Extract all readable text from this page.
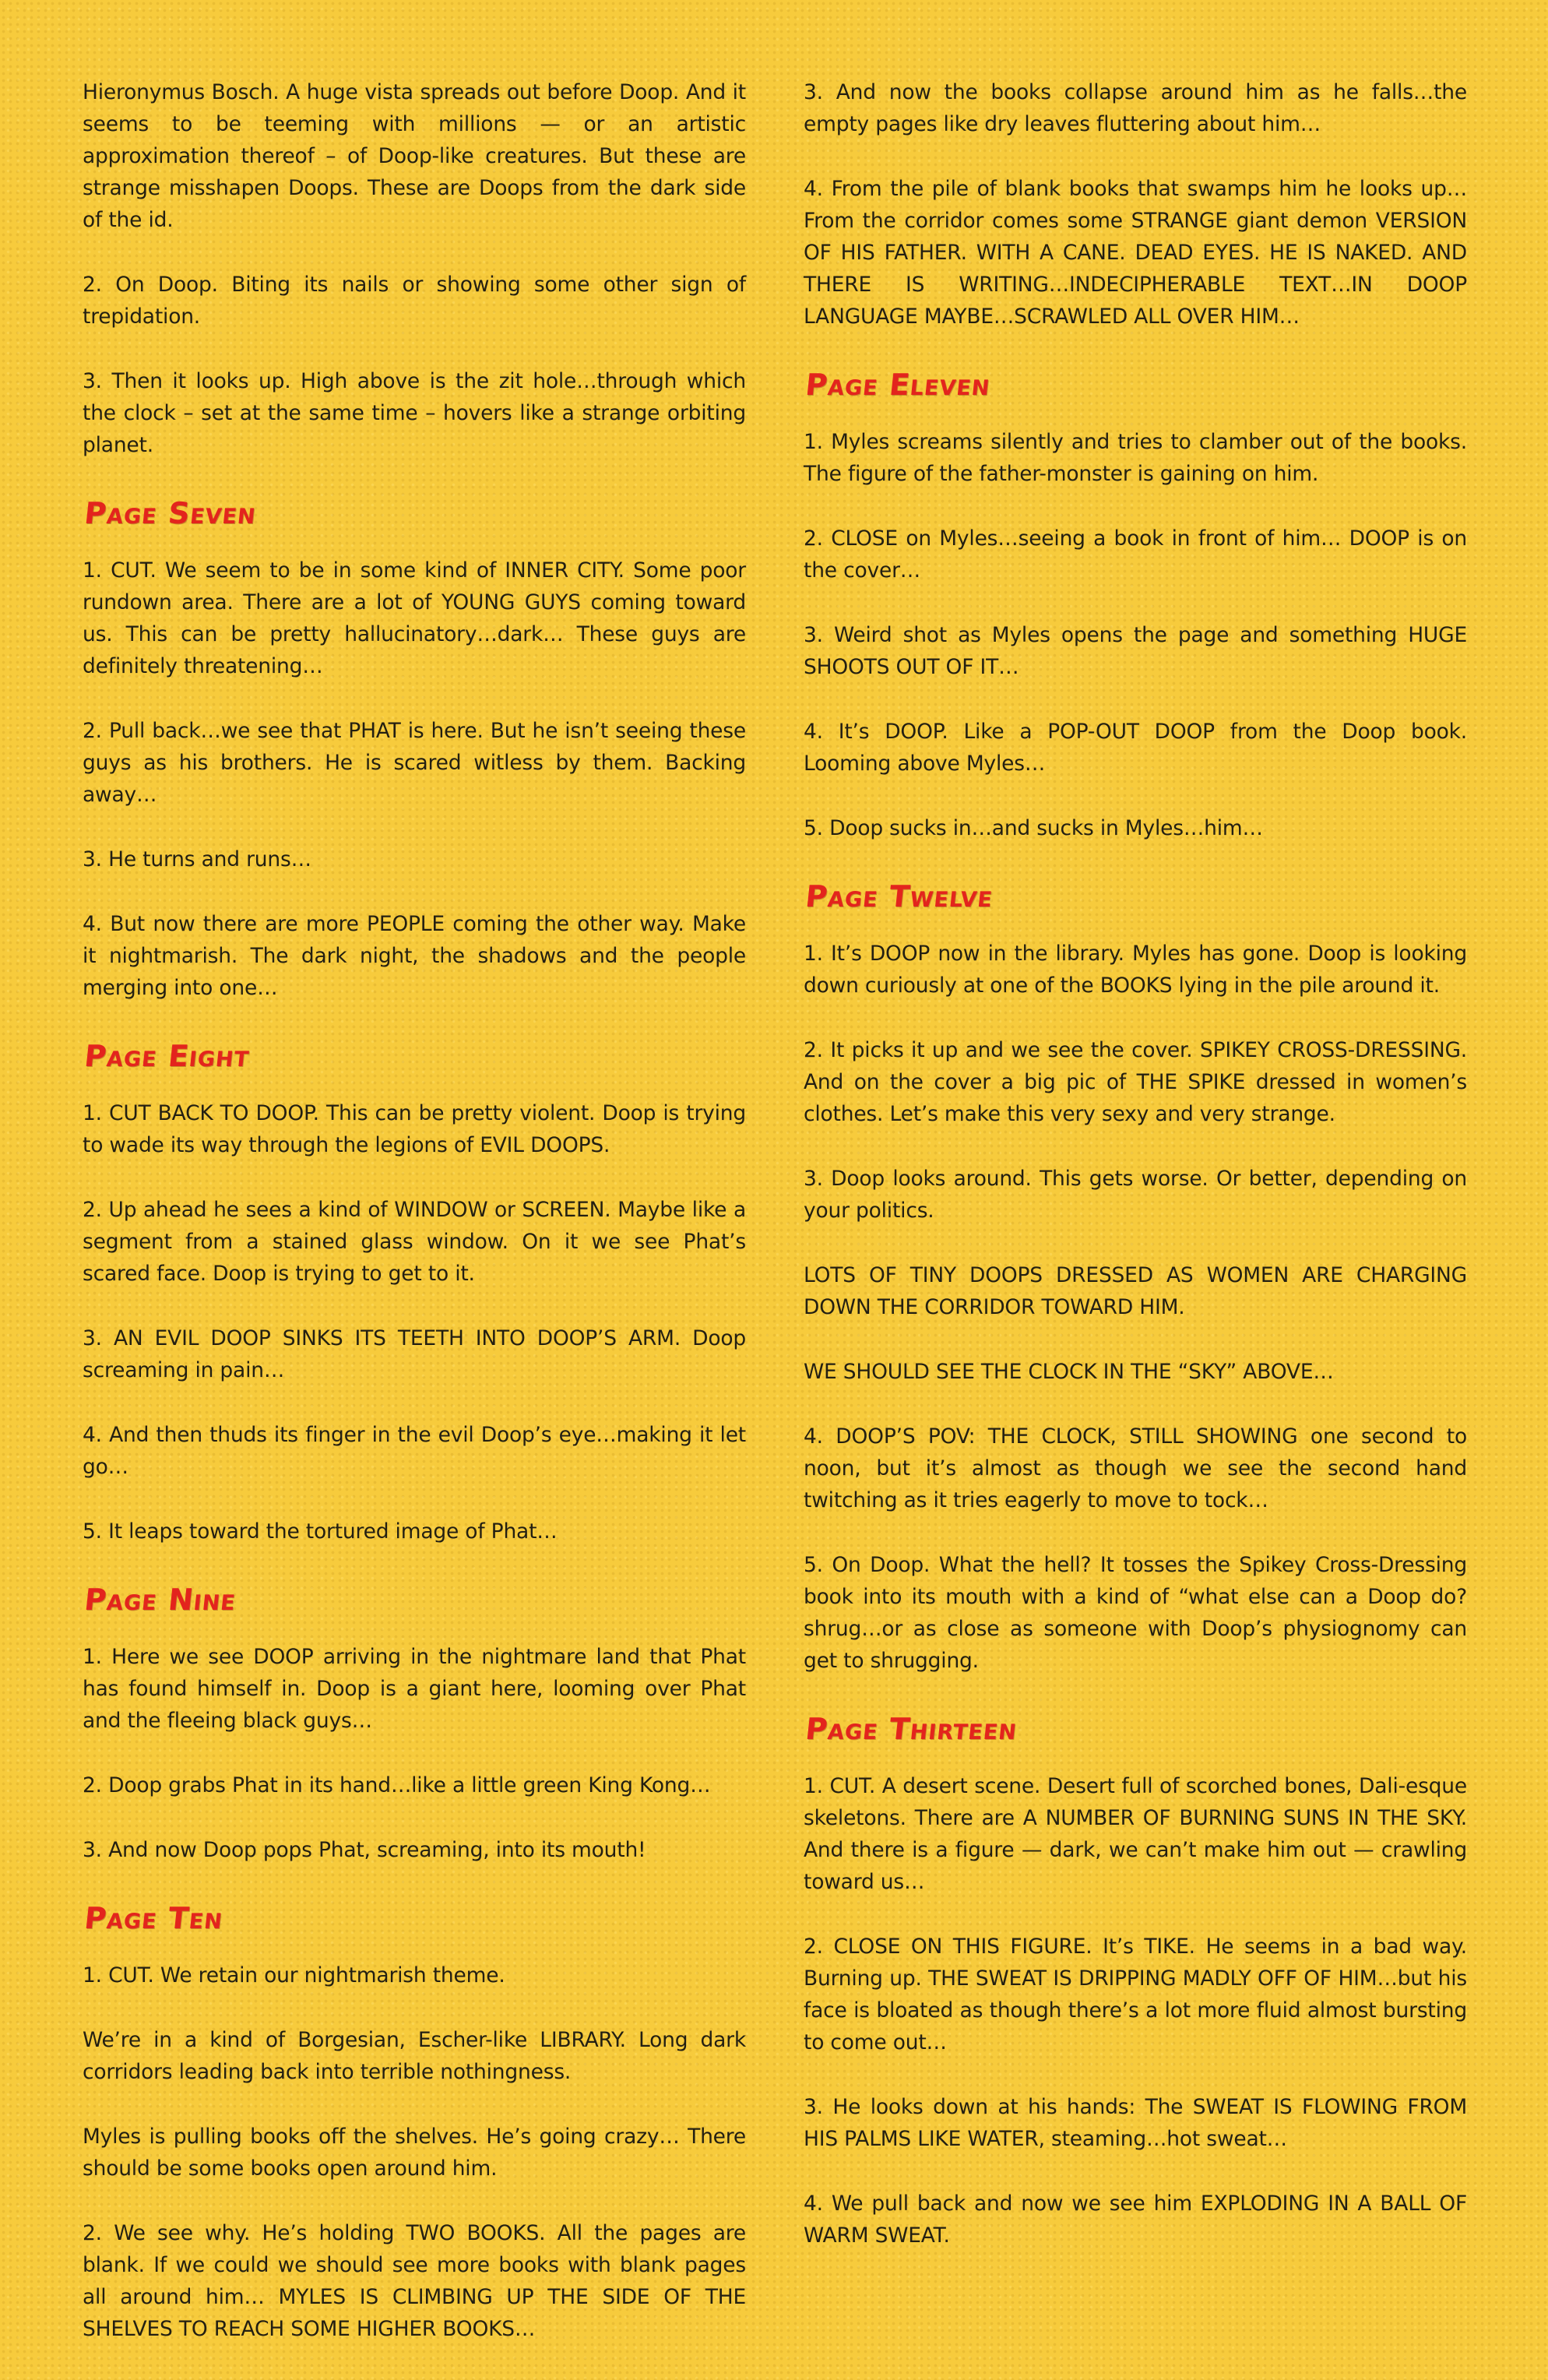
Hieronymus Bosch. A huge vista spreads out before Doop. And it seems to be teeming with millions — or an artistic approximation thereof – of Doop-like creatures. But these are strange misshapen Doops. These are Doops from the dark side of the id.

2. On Doop. Biting its nails or showing some other sign of trepidation.

3. Then it looks up. High above is the zit hole…through which the clock – set at the same time – hovers like a strange orbiting planet.

Page Seven

1. CUT. We seem to be in some kind of INNER CITY. Some poor rundown area. There are a lot of YOUNG GUYS coming toward us. This can be pretty hallucinatory…dark… These guys are definitely threatening…

2. Pull back…we see that PHAT is here. But he isn’t seeing these guys as his brothers. He is scared witless by them. Backing away…

3. He turns and runs…

4. But now there are more PEOPLE coming the other way. Make it nightmarish. The dark night, the shadows and the people merging into one…

Page Eight

1. CUT BACK TO DOOP. This can be pretty violent. Doop is trying to wade its way through the legions of EVIL DOOPS.

2. Up ahead he sees a kind of WINDOW or SCREEN. Maybe like a segment from a stained glass window. On it we see Phat’s scared face. Doop is trying to get to it.

3. AN EVIL DOOP SINKS ITS TEETH INTO DOOP’S ARM. Doop screaming in pain…

4. And then thuds its finger in the evil Doop’s eye…making it let go…

5. It leaps toward the tortured image of Phat…

Page Nine

1. Here we see DOOP arriving in the nightmare land that Phat has found himself in. Doop is a giant here, looming over Phat and the fleeing black guys…

2. Doop grabs Phat in its hand…like a little green King Kong…

3. And now Doop pops Phat, screaming, into its mouth!

Page Ten

1. CUT. We retain our nightmarish theme.

We’re in a kind of Borgesian, Escher-like LIBRARY. Long dark corridors leading back into terrible nothingness.

Myles is pulling books off the shelves. He’s going crazy… There should be some books open around him.

2. We see why. He’s holding TWO BOOKS. All the pages are blank. If we could we should see more books with blank pages all around him… MYLES IS CLIMBING UP THE SIDE OF THE SHELVES TO REACH SOME HIGHER BOOKS…

3. And now the books collapse around him as he falls…the empty pages like dry leaves fluttering about him…

4. From the pile of blank books that swamps him he looks up… From the corridor comes some STRANGE giant demon VERSION OF HIS FATHER. WITH A CANE. DEAD EYES. HE IS NAKED. AND THERE IS WRITING…INDECIPHERABLE TEXT…IN DOOP LANGUAGE MAYBE…SCRAWLED ALL OVER HIM…

Page Eleven

1. Myles screams silently and tries to clamber out of the books. The figure of the father-monster is gaining on him.

2. CLOSE on Myles…seeing a book in front of him… DOOP is on the cover…

3. Weird shot as Myles opens the page and something HUGE SHOOTS OUT OF IT…

4. It’s DOOP. Like a POP-OUT DOOP from the Doop book. Looming above Myles…

5. Doop sucks in…and sucks in Myles…him…

Page Twelve

1. It’s DOOP now in the library. Myles has gone. Doop is looking down curiously at one of the BOOKS lying in the pile around it.

2. It picks it up and we see the cover. SPIKEY CROSS-DRESSING. And on the cover a big pic of THE SPIKE dressed in women’s clothes. Let’s make this very sexy and very strange.

3. Doop looks around. This gets worse. Or better, depending on your politics.

LOTS OF TINY DOOPS DRESSED AS WOMEN ARE CHARGING DOWN THE CORRIDOR TOWARD HIM.

WE SHOULD SEE THE CLOCK IN THE “SKY” ABOVE…

4. DOOP’S POV: THE CLOCK, STILL SHOWING one second to noon, but it’s almost as though we see the second hand twitching as it tries eagerly to move to tock…

5. On Doop. What the hell? It tosses the Spikey Cross-Dressing book into its mouth with a kind of “what else can a Doop do? shrug…or as close as someone with Doop’s physiognomy can get to shrugging.

Page Thirteen

1. CUT. A desert scene. Desert full of scorched bones, Dali-esque skeletons. There are A NUMBER OF BURNING SUNS IN THE SKY. And there is a figure — dark, we can’t make him out — crawling toward us…

2. CLOSE ON THIS FIGURE. It’s TIKE. He seems in a bad way. Burning up. THE SWEAT IS DRIPPING MADLY OFF OF HIM…but his face is bloated as though there’s a lot more fluid almost bursting to come out…

3. He looks down at his hands: The SWEAT IS FLOWING FROM HIS PALMS LIKE WATER, steaming…hot sweat…

4. We pull back and now we see him EXPLODING IN A BALL OF WARM SWEAT.
